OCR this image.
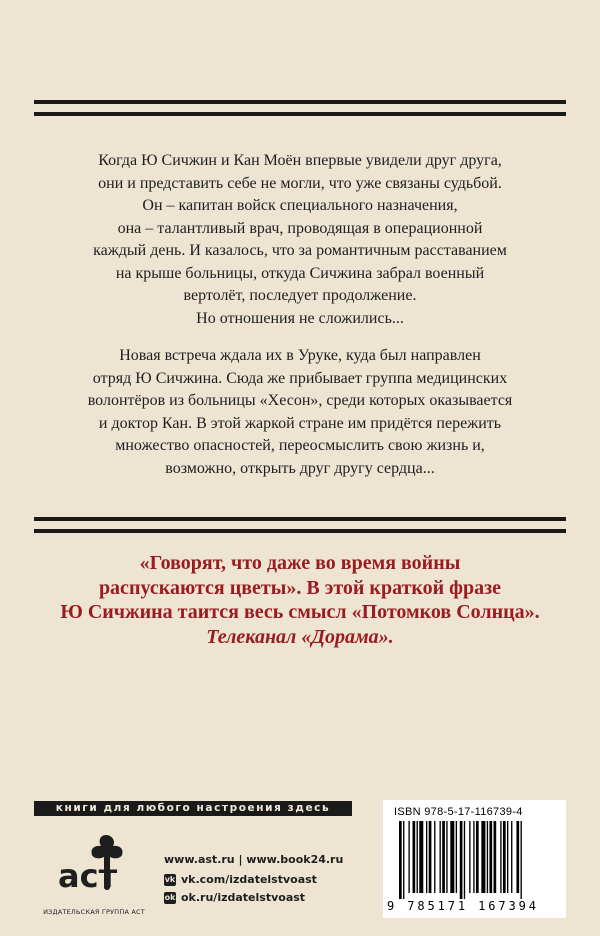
Когда Ю Сичжин и Кан Моён впервые увидели друг друга,

они и представить себе не могли, что уже связаны судьбой.

Он – капитан войск специального назначения,

она – талантливый врач, проводящая в операционной

каждый день. И казалось, что за романтичным расставанием

на крыше больницы, откуда Сичжина забрал военный

вертолёт, последует продолжение.

Но отношения не сложились...

Новая встреча ждала их в Уруке, куда был направлен

отряд Ю Сичжина. Сюда же прибывает группа медицинских

волонтёров из больницы «Хесон», среди которых оказывается

и доктор Кан. В этой жаркой стране им придётся пережить

множество опасностей, переосмыслить свою жизнь и,

возможно, открыть друг другу сердца...

«Говорят, что даже во время войны

распускаются цветы». В этой краткой фразе

Ю Сичжина таится весь смысл «Потомков Солнца».

Телеканал «Дорама».

книги для любого настроения здесь
аст
ИЗДАТЕЛЬСКАЯ ГРУППА АСТ
www.ast.ru | www.book24.ru
vk vk.com/izdatelstvoast
ok ok.ru/izdatelstvoast
ISBN 978-5-17-116739-4
9 785171 167394
